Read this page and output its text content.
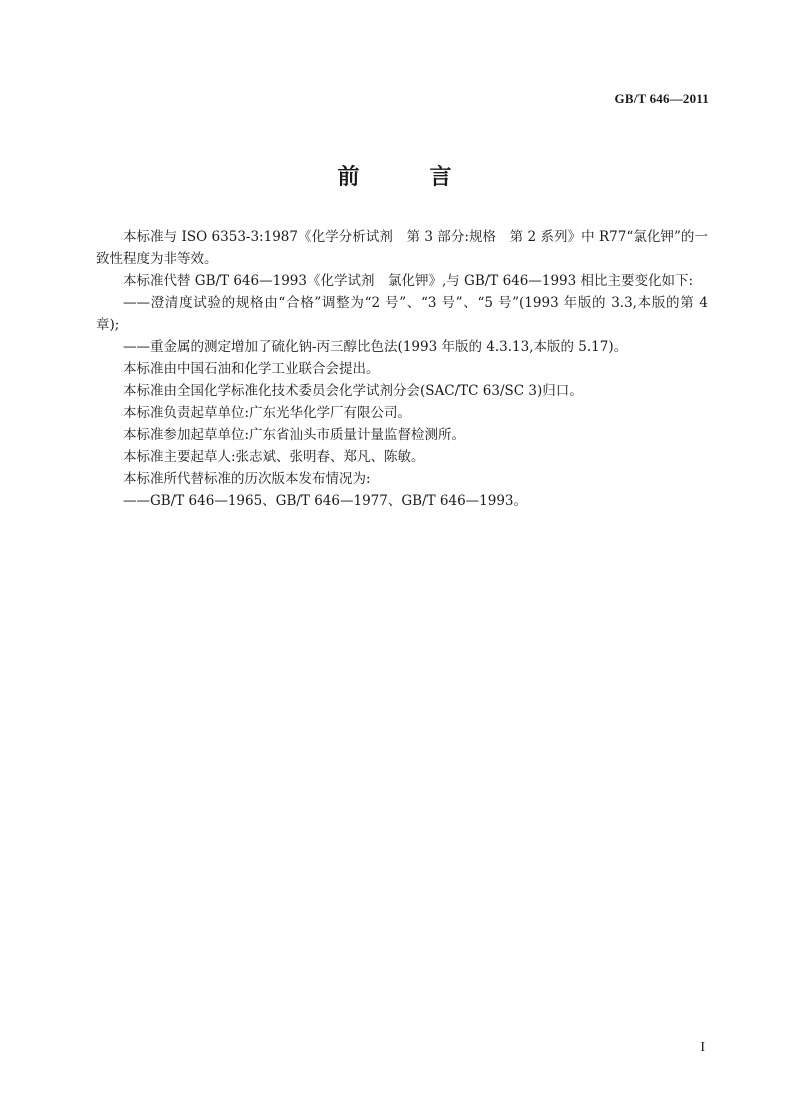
GB/T 646—2011
前　言

本标准与 ISO 6353-3:1987《化学分析试剂　第 3 部分:规格　第 2 系列》中 R77“氯化钾”的一致性程度为非等效。

本标准代替 GB/T 646—1993《化学试剂　氯化钾》,与 GB/T 646—1993 相比主要变化如下:

——澄清度试验的规格由“合格”调整为“2 号”、“3 号”、“5 号”(1993 年版的 3.3,本版的第 4 章);

——重金属的测定增加了硫化钠-丙三醇比色法(1993 年版的 4.3.13,本版的 5.17)。

本标准由中国石油和化学工业联合会提出。

本标准由全国化学标准化技术委员会化学试剂分会(SAC/TC 63/SC 3)归口。

本标准负责起草单位:广东光华化学厂有限公司。

本标准参加起草单位:广东省汕头市质量计量监督检测所。

本标准主要起草人:张志斌、张明春、郑凡、陈敏。

本标准所代替标准的历次版本发布情况为:

——GB/T 646—1965、GB/T 646—1977、GB/T 646—1993。

I
